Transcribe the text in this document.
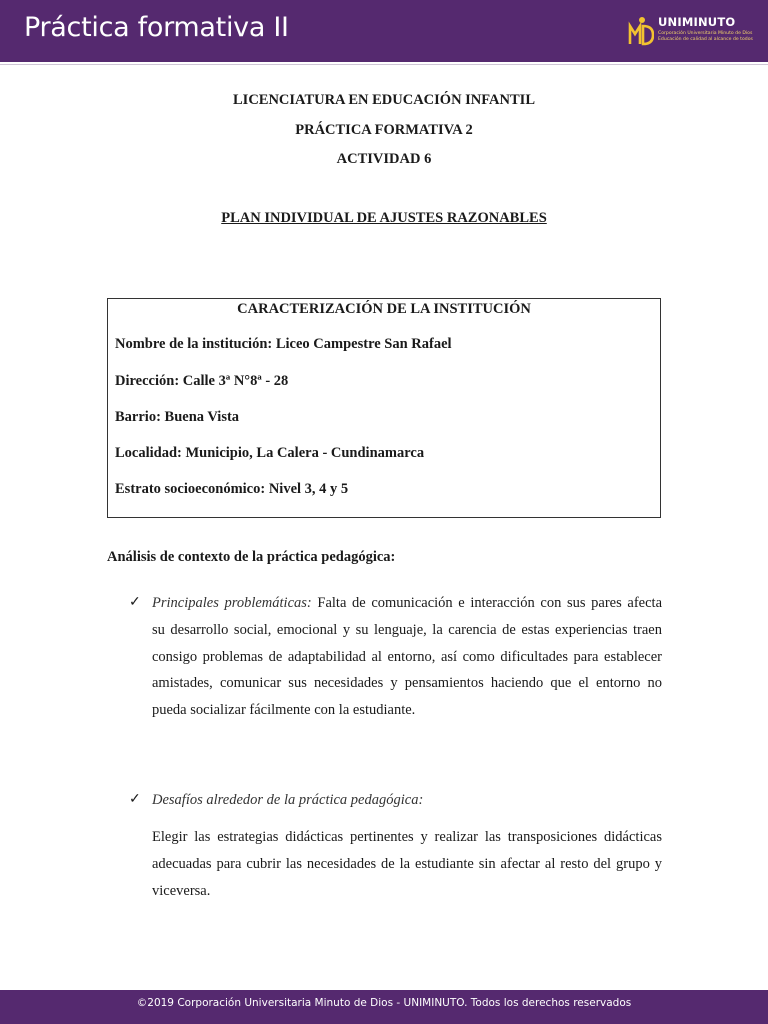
Práctica formativa II	UNIMINUTO
Corporación Universitaria Minuto de Dios
Educación de calidad al alcance de todos
LICENCIATURA EN EDUCACIÓN INFANTIL
PRÁCTICA FORMATIVA 2
ACTIVIDAD 6
PLAN INDIVIDUAL DE AJUSTES RAZONABLES
CARACTERIZACIÓN DE LA INSTITUCIÓN
Nombre de la institución: Liceo Campestre San Rafael
Dirección: Calle 3ª N°8ª - 28
Barrio: Buena Vista
Localidad: Municipio, La Calera - Cundinamarca
Estrato socioeconómico: Nivel 3, 4 y 5
Análisis de contexto de la práctica pedagógica:
✓ Principales problemáticas: Falta de comunicación e interacción con sus pares afecta
su desarrollo social, emocional y su lenguaje, la carencia de estas experiencias traen
consigo problemas de adaptabilidad al entorno, así como dificultades para establecer
amistades, comunicar sus necesidades y pensamientos haciendo que el entorno no
pueda socializar fácilmente con la estudiante.
✓ Desafíos alrededor de la práctica pedagógica:
Elegir las estrategias didácticas pertinentes y realizar las transposiciones didácticas
adecuadas para cubrir las necesidades de la estudiante sin afectar al resto del grupo y
viceversa.
©2019 Corporación Universitaria Minuto de Dios - UNIMINUTO. Todos los derechos reservados
